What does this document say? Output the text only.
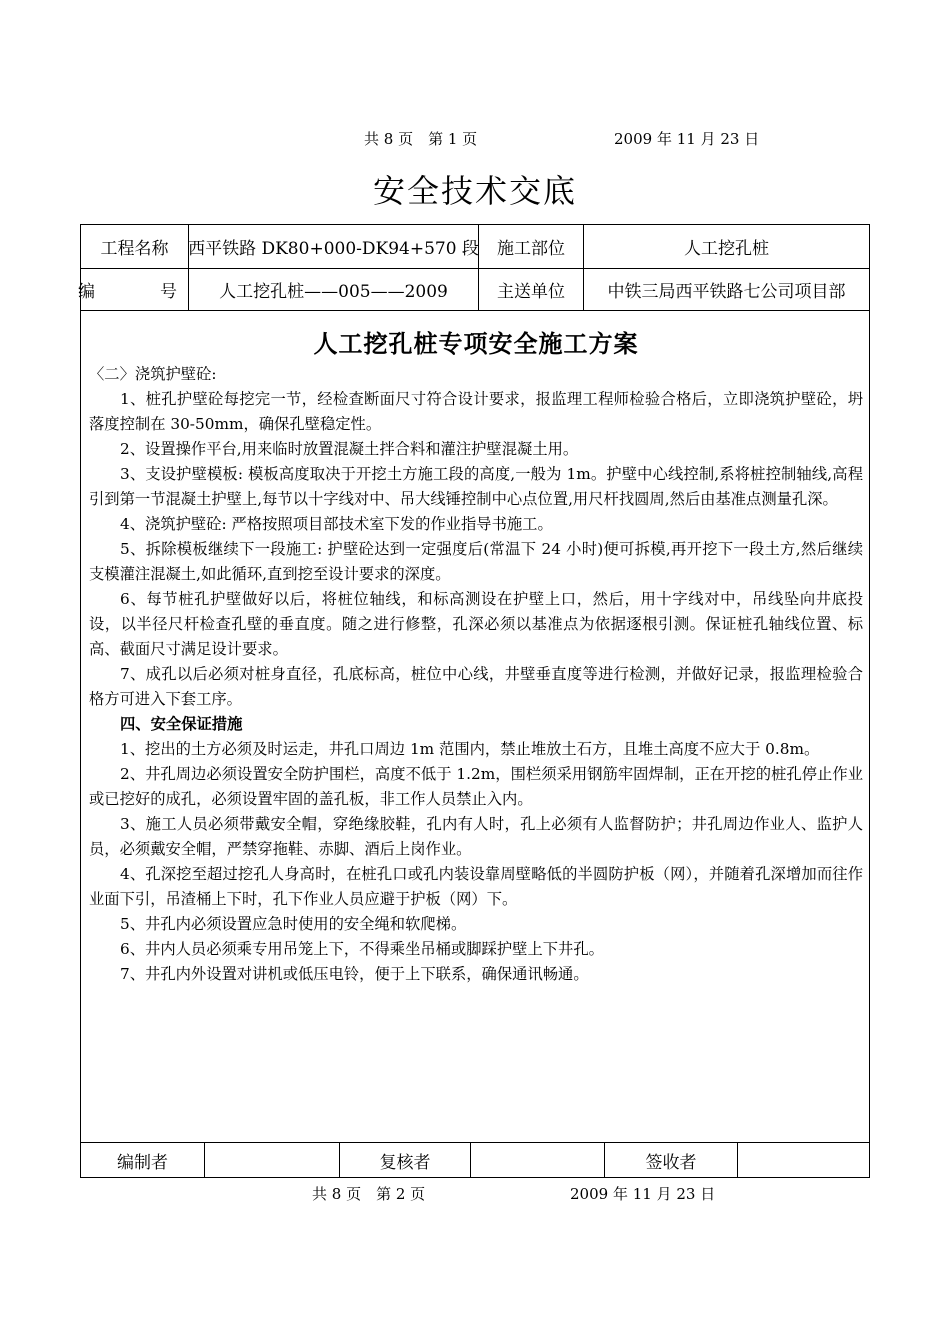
共 8 页　第 1 页	2009 年 11 月 23 日
安全技术交底
工程名称	西平铁路 DK80+000-DK94+570 段	施工部位	人工挖孔桩
编　号	人工挖孔桩——005——2009	主送单位	中铁三局西平铁路七公司项目部
人工挖孔桩专项安全施工方案

〈二〉浇筑护壁砼:

1、桩孔护壁砼每挖完一节，经检查断面尺寸符合设计要求，报监理工程师检验合格后，立即浇筑护壁砼，坍落度控制在 30-50mm，确保孔壁稳定性。

2、设置操作平台,用来临时放置混凝土拌合料和灌注护壁混凝土用。

3、支设护壁模板: 模板高度取决于开挖土方施工段的高度,一般为 1m。护壁中心线控制,系将桩控制轴线,高程引到第一节混凝土护壁上,每节以十字线对中、吊大线锤控制中心点位置,用尺杆找圆周,然后由基准点测量孔深。

4、浇筑护壁砼: 严格按照项目部技术室下发的作业指导书施工。

5、拆除模板继续下一段施工: 护壁砼达到一定强度后(常温下 24 小时)便可拆模,再开挖下一段土方,然后继续支模灌注混凝土,如此循环,直到挖至设计要求的深度。

6、每节桩孔护壁做好以后，将桩位轴线，和标高测设在护壁上口，然后，用十字线对中，吊线坠向井底投设，以半径尺杆检查孔壁的垂直度。随之进行修整，孔深必须以基准点为依据逐根引测。保证桩孔轴线位置、标高、截面尺寸满足设计要求。

7、成孔以后必须对桩身直径，孔底标高，桩位中心线，井壁垂直度等进行检测，并做好记录，报监理检验合格方可进入下套工序。

四、安全保证措施

1、挖出的土方必须及时运走，井孔口周边 1m 范围内，禁止堆放土石方，且堆土高度不应大于 0.8m。

2、井孔周边必须设置安全防护围栏，高度不低于 1.2m，围栏须采用钢筋牢固焊制，正在开挖的桩孔停止作业或已挖好的成孔，必须设置牢固的盖孔板，非工作人员禁止入内。

3、施工人员必须带戴安全帽，穿绝缘胶鞋，孔内有人时，孔上必须有人监督防护；井孔周边作业人、监护人员，必须戴安全帽，严禁穿拖鞋、赤脚、酒后上岗作业。

4、孔深挖至超过挖孔人身高时，在桩孔口或孔内装设靠周壁略低的半圆防护板（网），并随着孔深增加而往作业面下引，吊渣桶上下时，孔下作业人员应避于护板（网）下。

5、井孔内必须设置应急时使用的安全绳和软爬梯。

6、井内人员必须乘专用吊笼上下，不得乘坐吊桶或脚踩护壁上下井孔。

7、井孔内外设置对讲机或低压电铃，便于上下联系，确保通讯畅通。

编制者	复核者	签收者
共 8 页　第 2 页	2009 年 11 月 23 日
